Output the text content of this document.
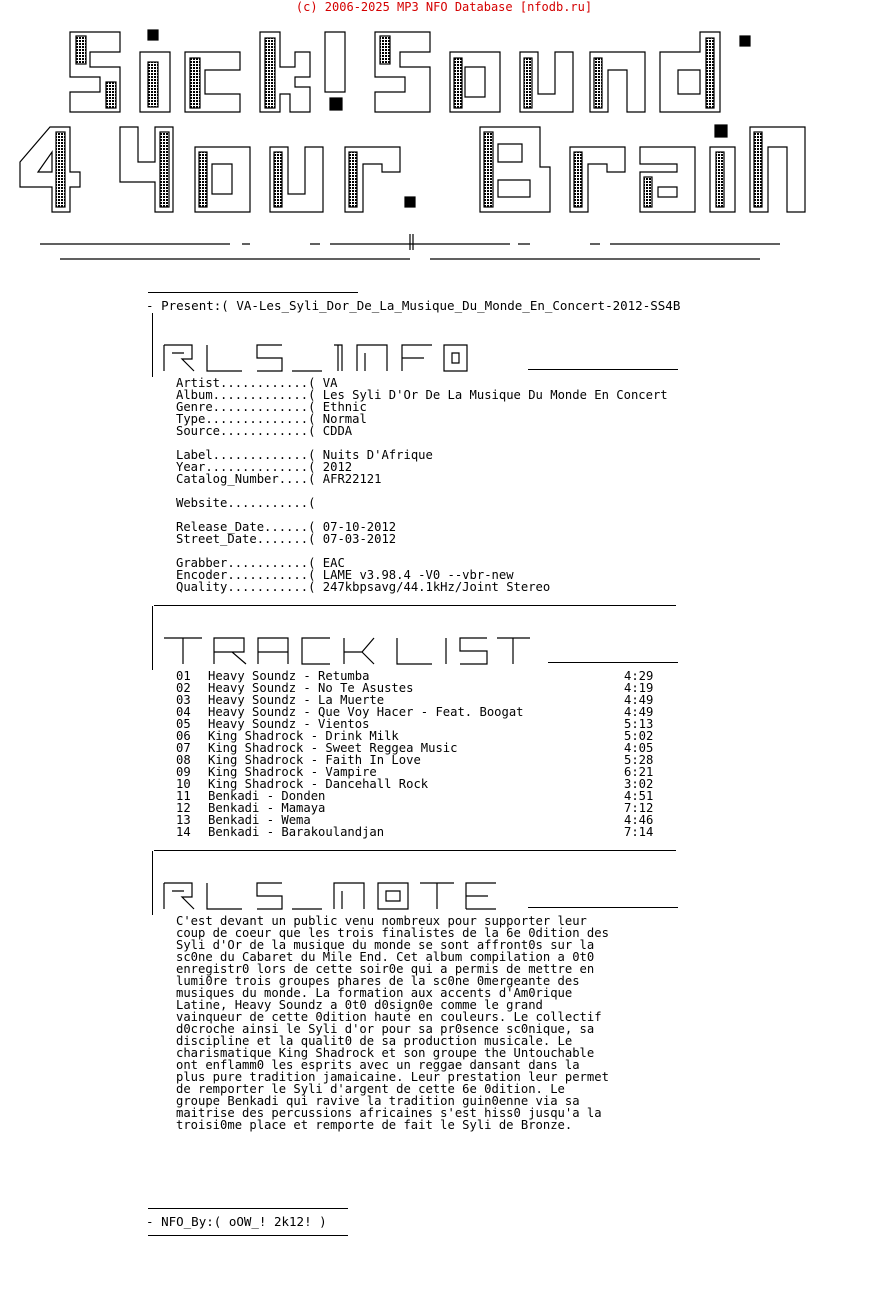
(c) 2006-2025 MP3 NFO Database [nfodb.ru]
- Present:( VA-Les_Syli_Dor_De_La_Musique_Du_Monde_En_Concert-2012-SS4B
RLS_INFOS
Artist............( VA
Album.............( Les Syli D'Or De La Musique Du Monde En Concert
Genre.............( Ethnic
Type..............( Normal
Source............( CDDA
Label.............( Nuits D'Afrique
Year..............( 2012
Catalog_Number....( AFR22121
Website...........(
Release_Date......( 07-10-2012
Street_Date.......( 07-03-2012
Grabber...........( EAC
Encoder...........( LAME v3.98.4 -V0 --vbr-new
Quality...........( 247kbpsavg/44.1kHz/Joint Stereo
TRACKLIST
01	Heavy Soundz - Retumba	4:29
02	Heavy Soundz - No Te Asustes	4:19
03	Heavy Soundz - La Muerte	4:49
04	Heavy Soundz - Que Voy Hacer - Feat. Boogat	4:49
05	Heavy Soundz - Vientos	5:13
06	King Shadrock - Drink Milk	5:02
07	King Shadrock - Sweet Reggea Music	4:05
08	King Shadrock - Faith In Love	5:28
09	King Shadrock - Vampire	6:21
10	King Shadrock - Dancehall Rock	3:02
11	Benkadi - Donden	4:51
12	Benkadi - Mamaya	7:12
13	Benkadi - Wema	4:46
14	Benkadi - Barakoulandjan	7:14
RLS_NOTES
C'est devant un public venu nombreux pour supporter leur
coup de coeur que les trois finalistes de la 6e 0dition des
Syli d'Or de la musique du monde se sont affront0s sur la
sc0ne du Cabaret du Mile End. Cet album compilation a 0t0
enregistr0 lors de cette soir0e qui a permis de mettre en
lumi0re trois groupes phares de la sc0ne 0mergeante des
musiques du monde. La formation aux accents d'Am0rique
Latine, Heavy Soundz a 0t0 d0sign0e comme le grand
vainqueur de cette 0dition haute en couleurs. Le collectif
d0croche ainsi le Syli d'or pour sa pr0sence sc0nique, sa
discipline et la qualit0 de sa production musicale. Le
charismatique King Shadrock et son groupe the Untouchable
ont enflamm0 les esprits avec un reggae dansant dans la
plus pure tradition jamaicaine. Leur prestation leur permet
de remporter le Syli d'argent de cette 6e 0dition. Le
groupe Benkadi qui ravive la tradition guin0enne via sa
maitrise des percussions africaines s'est hiss0 jusqu'a la
troisi0me place et remporte de fait le Syli de Bronze.
- NFO_By:( oOW_! 2k12! )
